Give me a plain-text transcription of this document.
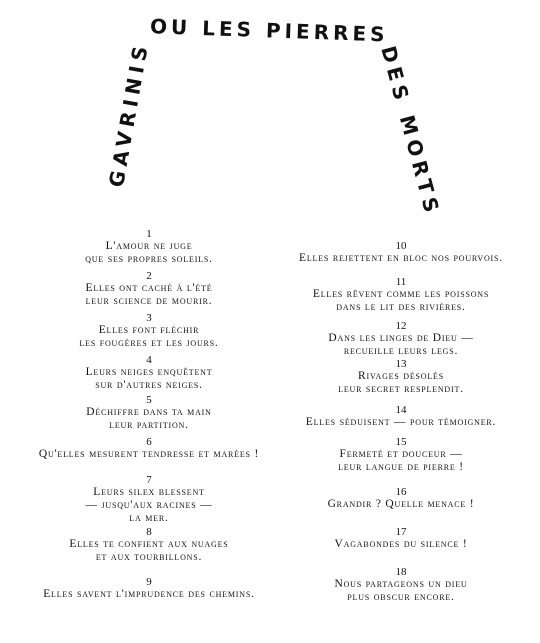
OU LES PIERRES
GAVRINIS	DES MORTS
1
L'amour ne juge
que ses propres soleils.
2
Elles ont caché à l'été
leur science de mourir.
3
Elles font fléchir
les fougères et les jours.
4
Leurs neiges enquêtent
sur d'autres neiges.
5
Déchiffre dans ta main
leur partition.
6
Qu'elles mesurent tendresse et marées !
7
Leurs silex blessent
— jusqu'aux racines —
la mer.
8
Elles te confient aux nuages
et aux tourbillons.
9
Elles savent l'imprudence des chemins.
10
Elles rejettent en bloc nos pourvois.
11
Elles rêvent comme les poissons
dans le lit des rivières.
12
Dans les linges de Dieu —
recueille leurs legs.
13
Rivages désolés
leur secret resplendit.
14
Elles séduisent — pour témoigner.
15
Fermeté et douceur —
leur langue de pierre !
16
Grandir ? Quelle menace !
17
Vagabondes du silence !
18
Nous partageons un dieu
plus obscur encore.
